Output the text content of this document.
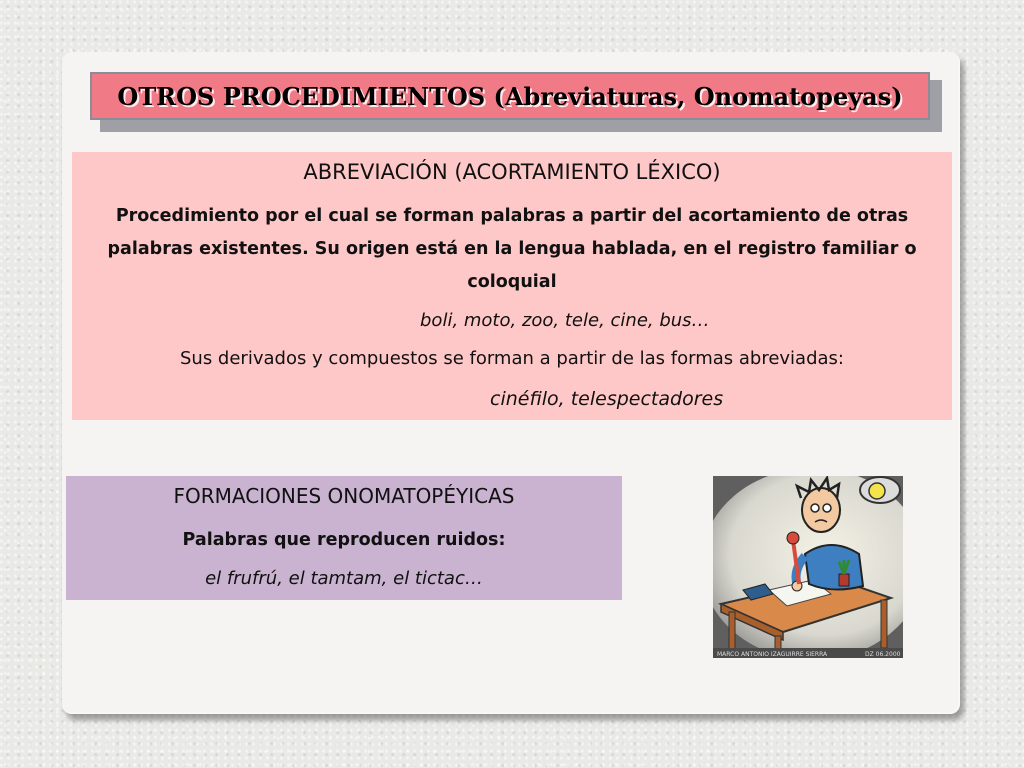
OTROS PROCEDIMIENTOS (Abreviaturas, Onomatopeyas)
ABREVIACIÓN (ACORTAMIENTO LÉXICO)
Procedimiento por el cual se forman palabras a partir del acortamiento de otras palabras existentes. Su origen está en la lengua hablada, en el registro familiar o coloquial
boli, moto, zoo, tele, cine, bus…
Sus derivados y compuestos se forman a partir de las formas abreviadas:
cinéfilo, telespectadores
FORMACIONES ONOMATOPÉYICAS
Palabras que reproducen ruidos:
el frufrú, el tamtam, el tictac…
MARCO ANTONIO IZAGUIRRE SIERRA	DZ 06.2000
